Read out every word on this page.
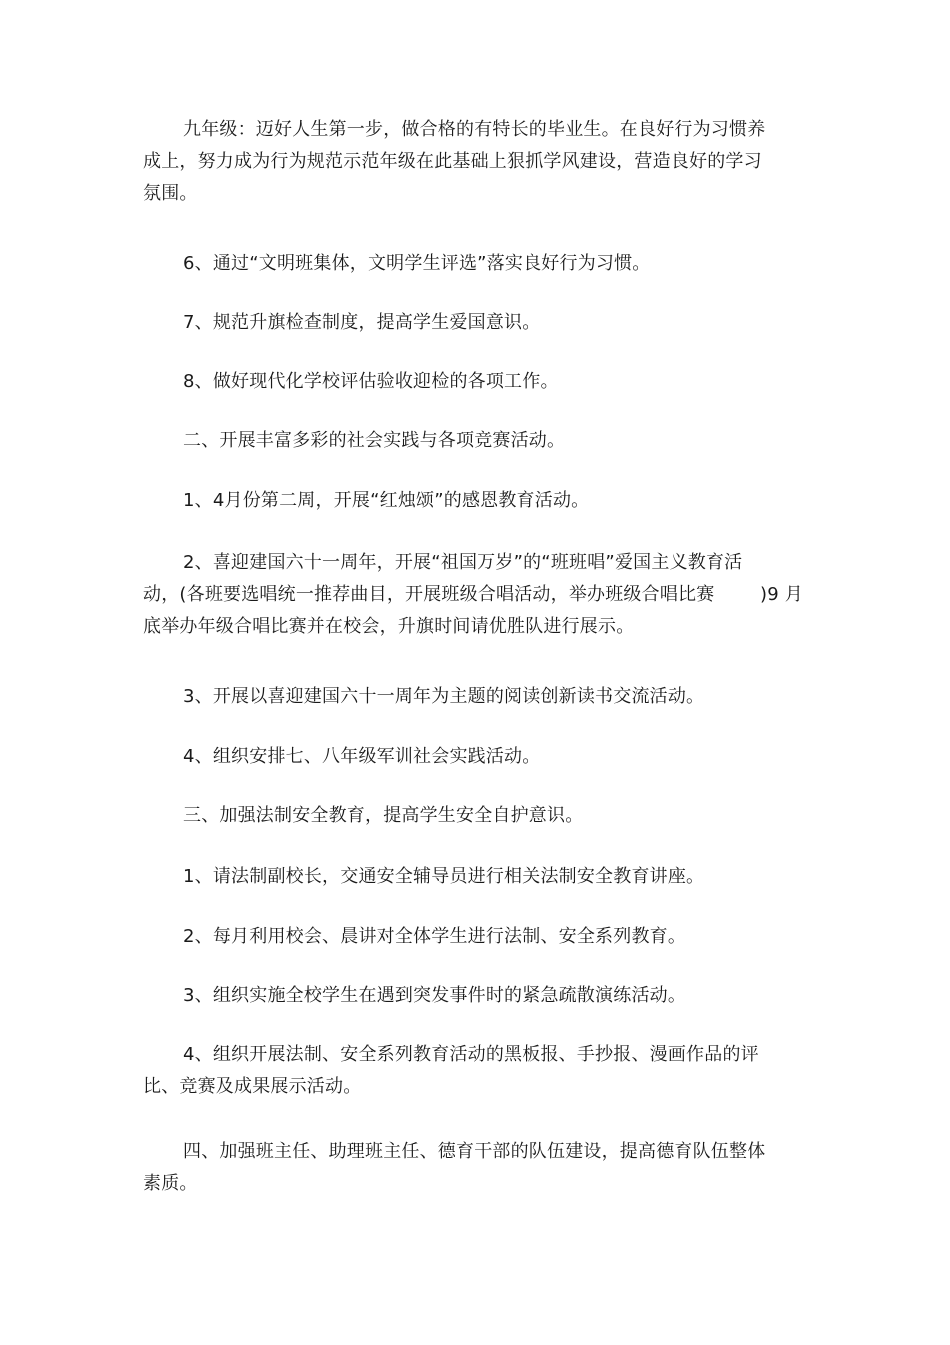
九年级：迈好人生第一步，做合格的有特长的毕业生。在良好行为习惯养
成上，努力成为行为规范示范年级在此基础上狠抓学风建设，营造良好的学习
氛围。

6、通过“文明班集体，文明学生评选”落实良好行为习惯。

7、规范升旗检查制度，提高学生爱国意识。

8、做好现代化学校评估验收迎检的各项工作。

二、开展丰富多彩的社会实践与各项竞赛活动。

1、4月份第二周，开展“红烛颂”的感恩教育活动。

2、喜迎建国六十一周年，开展“祖国万岁”的“班班唱”爱国主义教育活
动，(各班要选唱统一推荐曲目，开展班级合唱活动，举办班级合唱比赛	)9 月
底举办年级合唱比赛并在校会，升旗时间请优胜队进行展示。

3、开展以喜迎建国六十一周年为主题的阅读创新读书交流活动。

4、组织安排七、八年级军训社会实践活动。

三、加强法制安全教育，提高学生安全自护意识。

1、请法制副校长，交通安全辅导员进行相关法制安全教育讲座。

2、每月利用校会、晨讲对全体学生进行法制、安全系列教育。

3、组织实施全校学生在遇到突发事件时的紧急疏散演练活动。

4、组织开展法制、安全系列教育活动的黑板报、手抄报、漫画作品的评
比、竞赛及成果展示活动。

四、加强班主任、助理班主任、德育干部的队伍建设，提高德育队伍整体
素质。
